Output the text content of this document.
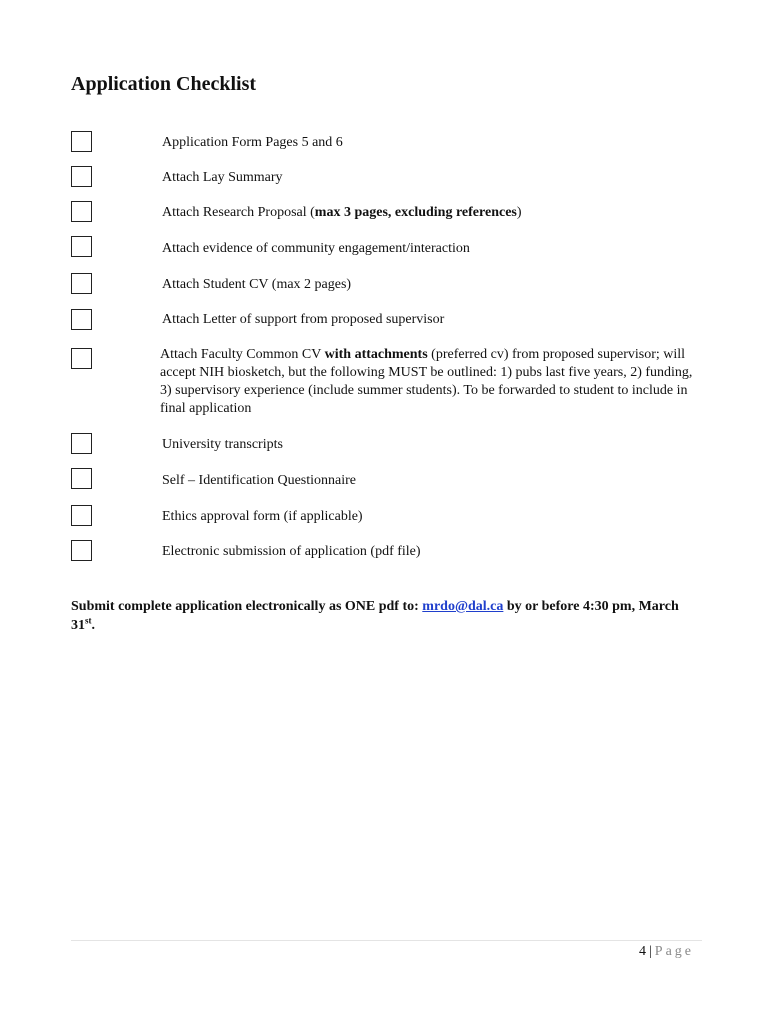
Application Checklist
Application Form Pages 5 and 6
Attach Lay Summary
Attach Research Proposal (max 3 pages, excluding references)
Attach evidence of community engagement/interaction
Attach Student CV (max 2 pages)
Attach Letter of support from proposed supervisor
Attach Faculty Common CV with attachments (preferred cv) from proposed supervisor; will accept NIH biosketch, but the following MUST be outlined: 1) pubs last five years, 2) funding, 3) supervisory experience (include summer students). To be forwarded to student to include in final application
University transcripts
Self – Identification Questionnaire
Ethics approval form (if applicable)
Electronic submission of application (pdf file)
Submit complete application electronically as ONE pdf to: mrdo@dal.ca by or before 4:30 pm, March 31st.
4 | Page
